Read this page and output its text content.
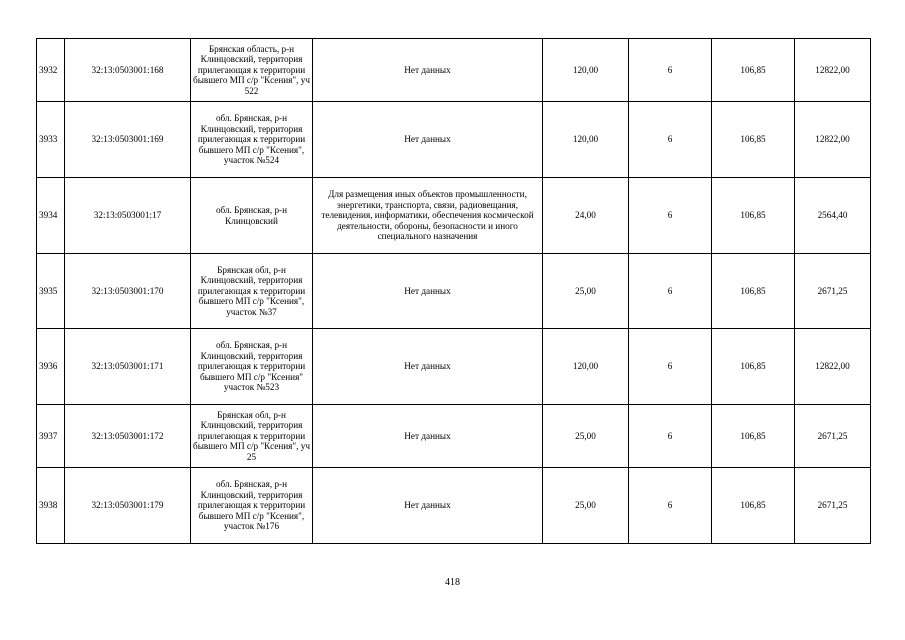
3932	32:13:0503001:168	Брянская область, р-н Клинцовский, территория прилегающая к территории бывшего МП с/р "Ксения", уч 522	Нет данных	120,00	6	106,85	12822,00
3933	32:13:0503001:169	обл. Брянская, р-н Клинцовский, территория прилегающая к территории бывшего МП с/р "Ксения", участок №524	Нет данных	120,00	6	106,85	12822,00
3934	32:13:0503001:17	обл. Брянская, р-н Клинцовский	Для размещения иных объектов промышленности, энергетики, транспорта, связи, радиовещания, телевидения, информатики, обеспечения космической деятельности, обороны, безопасности и иного специального назначения	24,00	6	106,85	2564,40
3935	32:13:0503001:170	Брянская обл, р-н Клинцовский, территория прилегающая к территории бывшего МП с/р "Ксения", участок №37	Нет данных	25,00	6	106,85	2671,25
3936	32:13:0503001:171	обл. Брянская, р-н Клинцовский, территория прилегающая к территории бывшего МП с/р "Ксения" участок №523	Нет данных	120,00	6	106,85	12822,00
3937	32:13:0503001:172	Брянская обл, р-н Клинцовский, территория прилегающая к территории бывшего МП с/р "Ксения", уч 25	Нет данных	25,00	6	106,85	2671,25
3938	32:13:0503001:179	обл. Брянская, р-н Клинцовский, территория прилегающая к территории бывшего МП с/р "Ксения", участок №176	Нет данных	25,00	6	106,85	2671,25
418
